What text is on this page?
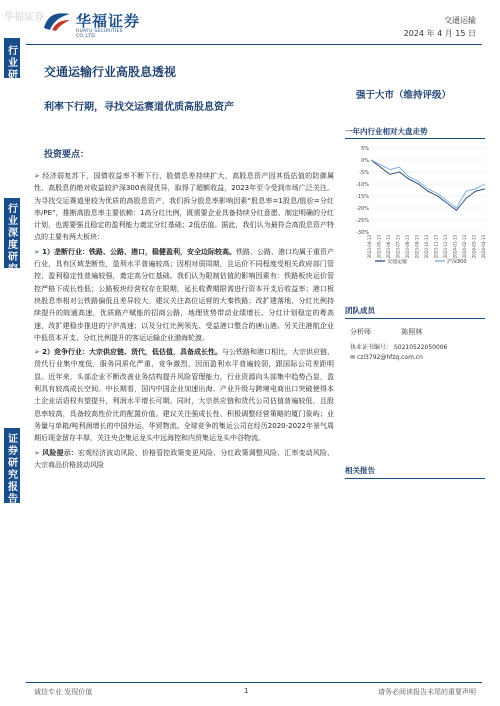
华福证券 华福证券
HUAFU SECURITIES CO.,LTD.
交通运输
2024 年 4 月 15 日
行业研究
行业深度研究
证券研究报告
交通运输行业高股息透视
利率下行期，寻找交运赛道优质高股息资产
强于大市（维持评级）
投资要点：

➢ 经济弱复苏下，国债收益率不断下行，股债息差持续扩大，高股息资产因其低估值的防御属性、高股息的绝对收益较沪深300表现优异，取得了超额收益，2023年至今受到市场广泛关注。为寻找交运赛道里较为优质的高股息资产，我们拆分股息率影响因素“股息率=1股息/股价=分红率/PE”，推断高股息率主要依赖：1高分红比例，既需要企业具备持续分红意愿、制定明确的分红计划，也需要强且稳定的盈利能力奠定分红基础；2低估值。据此，我们认为最符合高股息资产特点的主要有两大板块：

➢ 1）垄断行业：铁路、公路、港口，稳健盈利，安全边际较高。铁路、公路、港口均属于重资产行业，具有区域垄断性，盈利水平普遍较高；因相对弱周期，且运价不同程度受相关政府部门管控，盈利稳定性普遍较强，奠定高分红基础。我们认为限制估值的影响因素有：铁路板块运价管控严格下成长性低；公路板块经营权存在限期，延长收费期限需进行资本开支后收益率；港口板块股息率相对公铁路偏低且差异较大。建议关注高位运营的大秦铁路；改扩建落地、分红比例持续提升的皖通高速，优质路产赋能的招商公路，地理优势带动业绩增长、分红计划稳定的粤高速，改扩建稳步推进的宁沪高速；以及分红比例领先、受益港口整合的唐山港。另关注港航企业中低资本开支、分红比例提升的客运运输企业渤海轮渡。

➢ 2）竞争行业：大宗供应链、货代，低估值，具备成长性。与公铁路和港口相比，大宗供应链、货代行业集中度低，服务同质化严重，竞争激烈，因而盈利水平普遍较弱，跟国际公司差距明显。近年来，头部企业不断改善业务结构提升风险管理能力，行业资源向头部集中趋势凸显，盈利具有较高成长空间。中长期看，国内中国企业加速出海、产业升级与跨境电商出口突破使得本土企业话语权有望提升，利润水平增长可期。同时，大宗供应链和货代公司估值普遍较低，且股息率较高，具备较高性价比的配置价值。建议关注强成长性、积极调整经营策略的厦门象屿；业务量与单箱/吨利润增长的中国外运、华贸物流。全球竞争的集运公司在经历2020-2022年景气周期后现金留存丰厚，关注央企集运龙头中远海控和内贸集运龙头中谷物流。

➢ 风险提示：宏观经济波动风险、价格管控政策变更风险、分红政策调整风险、汇率变动风险、大宗商品价格波动风险

一年内行业相对大盘走势
5%
0%
-5%
-10%
-15%
-20%
-25%
-30%
2023-04-13 2023-05-13 2023-06-13 2023-07-13 2023-08-13 2023-09-13 2023-10-13 2023-11-13 2023-12-13 2024-01-13 2024-02-13 2024-03-13 2024-04-13
交通运输	沪深300
团队成员
分析师	陈照林
执业证书编号： S0210522050006
✉ czl3792@hfzq.com.cn
相关报告
诚信专业 发现价值	1	请务必阅读报告末尾的重要声明
